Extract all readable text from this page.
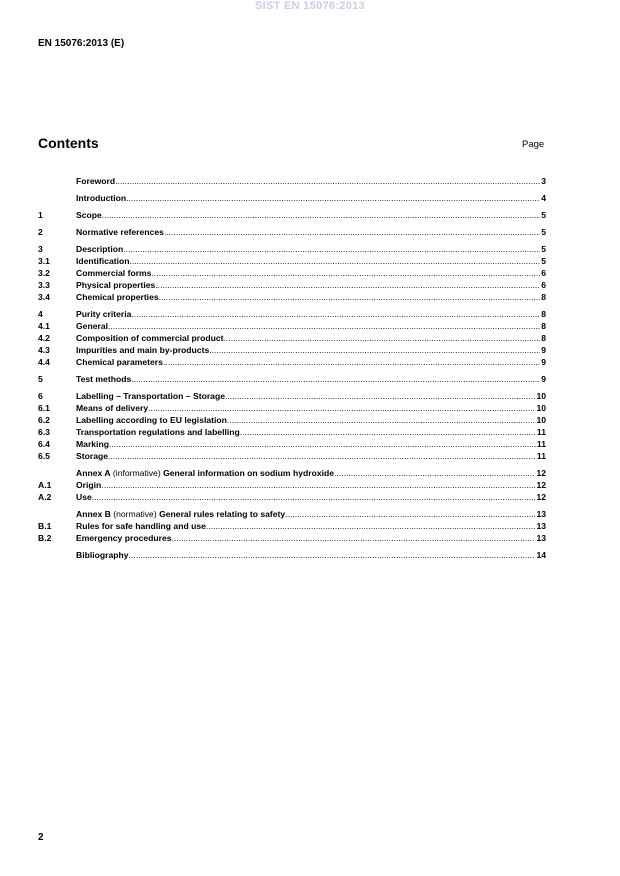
SIST EN 15076:2013
EN 15076:2013 (E)
Contents	Page
Foreword .....	3
Introduction .....	4
1	Scope .....	5
2	Normative references .....	5
3	Description .....	5
3.1	Identification .....	5
3.2	Commercial forms .....	6
3.3	Physical properties .....	6
3.4	Chemical properties .....	8
4	Purity criteria .....	8
4.1	General .....	8
4.2	Composition of commercial product .....	8
4.3	Impurities and main by-products .....	9
4.4	Chemical parameters .....	9
5	Test methods .....	9
6	Labelling – Transportation – Storage .....	10
6.1	Means of delivery .....	10
6.2	Labelling according to EU legislation .....	10
6.3	Transportation regulations and labelling .....	11
6.4	Marking .....	11
6.5	Storage .....	11
Annex A (informative) General information on sodium hydroxide .....	12
A.1	Origin .....	12
A.2	Use .....	12
Annex B (normative) General rules relating to safety .....	13
B.1	Rules for safe handling and use .....	13
B.2	Emergency procedures .....	13
Bibliography .....	14
2
